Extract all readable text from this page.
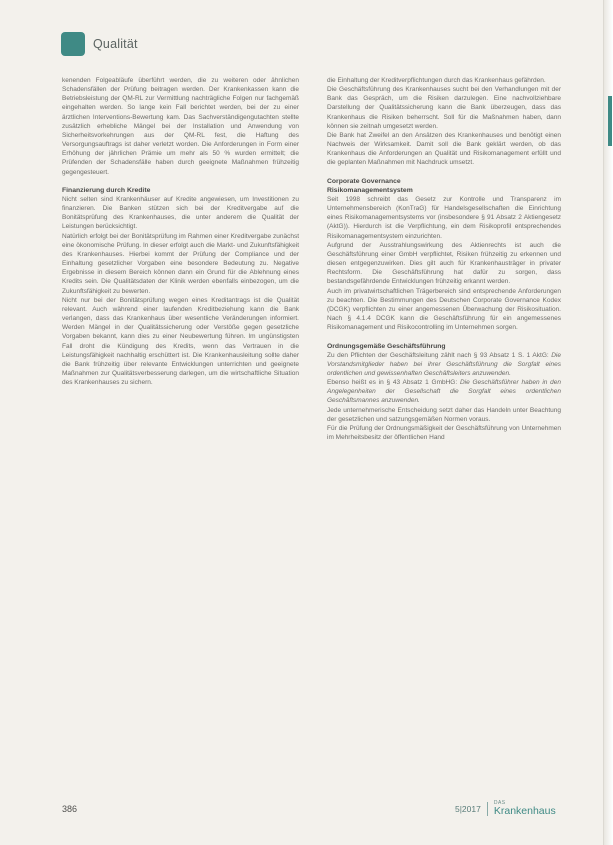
Qualität

kenenden Folgeabläufe überführt werden, die zu weiteren oder ähnlichen Schadensfällen der Prüfung beitragen werden. Der Krankenkassen kann die Betriebsleistung der QM-RL zur Vermittlung nachträgliche Folgen nur fachgemäß eingehalten werden. So lange kein Fall berichtet werden, bei der zu einer ärztlichen Interventions-Bewertung kam. Das Sachverständigengutachten stellte zusätzlich erhebliche Mängel bei der Installation und Anwendung von Sicherheitsvorkehrungen aus der QM-RL fest, die Haftung des Versorgungsauftrags ist daher verletzt worden. Die Anforderungen in Form einer Erhöhung der jährlichen Prämie um mehr als 50 % wurden ermittelt; die Prüfenden der Schadensfälle haben durch geeignete Maßnahmen frühzeitig gegengesteuert.

Finanzierung durch Kredite

Nicht selten sind Krankenhäuser auf Kredite angewiesen, um Investitionen zu finanzieren. Die Banken stützen sich bei der Kreditvergabe auf die Bonitätsprüfung des Krankenhauses, die unter anderem die Qualität der Leistungen berücksichtigt.

Natürlich erfolgt bei der Bonitätsprüfung im Rahmen einer Kreditvergabe zunächst eine ökonomische Prüfung. In dieser erfolgt auch die Markt- und Zukunftsfähigkeit des Krankenhauses. Hierbei kommt der Prüfung der Compliance und der Einhaltung gesetzlicher Vorgaben eine besondere Bedeutung zu. Negative Ergebnisse in diesem Bereich können dann ein Grund für die Ablehnung eines Kredits sein. Die Qualitätsdaten der Klinik werden ebenfalls einbezogen, um die Zukunftsfähigkeit zu bewerten.

Nicht nur bei der Bonitätsprüfung wegen eines Kreditantrags ist die Qualität relevant. Auch während einer laufenden Kreditbeziehung kann die Bank verlangen, dass das Krankenhaus über wesentliche Veränderungen informiert. Werden Mängel in der Qualitätssicherung oder Verstöße gegen gesetzliche Vorgaben bekannt, kann dies zu einer Neubewertung führen. Im ungünstigsten Fall droht die Kündigung des Kredits, wenn das Vertrauen in die Leistungsfähigkeit nachhaltig erschüttert ist. Die Krankenhausleitung sollte daher die Bank frühzeitig über relevante Entwicklungen unterrichten und geeignete Maßnahmen zur Qualitätsverbesserung darlegen, um die wirtschaftliche Situation des Krankenhauses zu sichern.

die Einhaltung der Kreditverpflichtungen durch das Krankenhaus gefährden.

Die Geschäftsführung des Krankenhauses sucht bei den Verhandlungen mit der Bank das Gespräch, um die Risiken darzulegen. Eine nachvollziehbare Darstellung der Qualitätssicherung kann die Bank überzeugen, dass das Krankenhaus die Risiken beherrscht. Soll für die Maßnahmen haben, dann können sie zeitnah umgesetzt werden.

Die Bank hat Zweifel an den Ansätzen des Krankenhauses und benötigt einen Nachweis der Wirksamkeit. Damit soll die Bank geklärt werden, ob das Krankenhaus die Anforderungen an Qualität und Risikomanagement erfüllt und die geplanten Maßnahmen mit Nachdruck umsetzt.

Corporate Governance
Risikomanagementsystem

Seit 1998 schreibt das Gesetz zur Kontrolle und Transparenz im Unternehmensbereich (KonTraG) für Handelsgesellschaften die Einrichtung eines Risikomanagementsystems vor (insbesondere § 91 Absatz 2 Aktiengesetz (AktG)). Hierdurch ist die Verpflichtung, ein dem Risikoprofil entsprechendes Risikomanagementsystem einzurichten.

Aufgrund der Ausstrahlungswirkung des Aktienrechts ist auch die Geschäftsführung einer GmbH verpflichtet, Risiken frühzeitig zu erkennen und diesen entgegenzuwirken. Dies gilt auch für Krankenhausträger in privater Rechtsform. Die Geschäftsführung hat dafür zu sorgen, dass bestandsgefährdende Entwicklungen frühzeitig erkannt werden.

Auch im privatwirtschaftlichen Trägerbereich sind entsprechende Anforderungen zu beachten. Die Bestimmungen des Deutschen Corporate Governance Kodex (DCGK) verpflichten zu einer angemessenen Überwachung der Risikosituation. Nach § 4.1.4 DCGK kann die Geschäftsführung für ein angemessenes Risikomanagement und Risikocontrolling im Unternehmen sorgen.

Ordnungsgemäße Geschäftsführung

Zu den Pflichten der Geschäftsleitung zählt nach § 93 Absatz 1 S. 1 AktG: Die Vorstandsmitglieder haben bei ihrer Geschäftsführung die Sorgfalt eines ordentlichen und gewissenhaften Geschäftsleiters anzuwenden.

Ebenso heißt es in § 43 Absatz 1 GmbHG: Die Geschäftsführer haben in den Angelegenheiten der Gesellschaft die Sorgfalt eines ordentlichen Geschäftsmannes anzuwenden.

Jede unternehmerische Entscheidung setzt daher das Handeln unter Beachtung der gesetzlichen und satzungsgemäßen Normen voraus.

Für die Prüfung der Ordnungsmäßigkeit der Geschäftsführung von Unternehmen im Mehrheitsbesitz der öffentlichen Hand

386	5|2017
DAS
Krankenhaus
